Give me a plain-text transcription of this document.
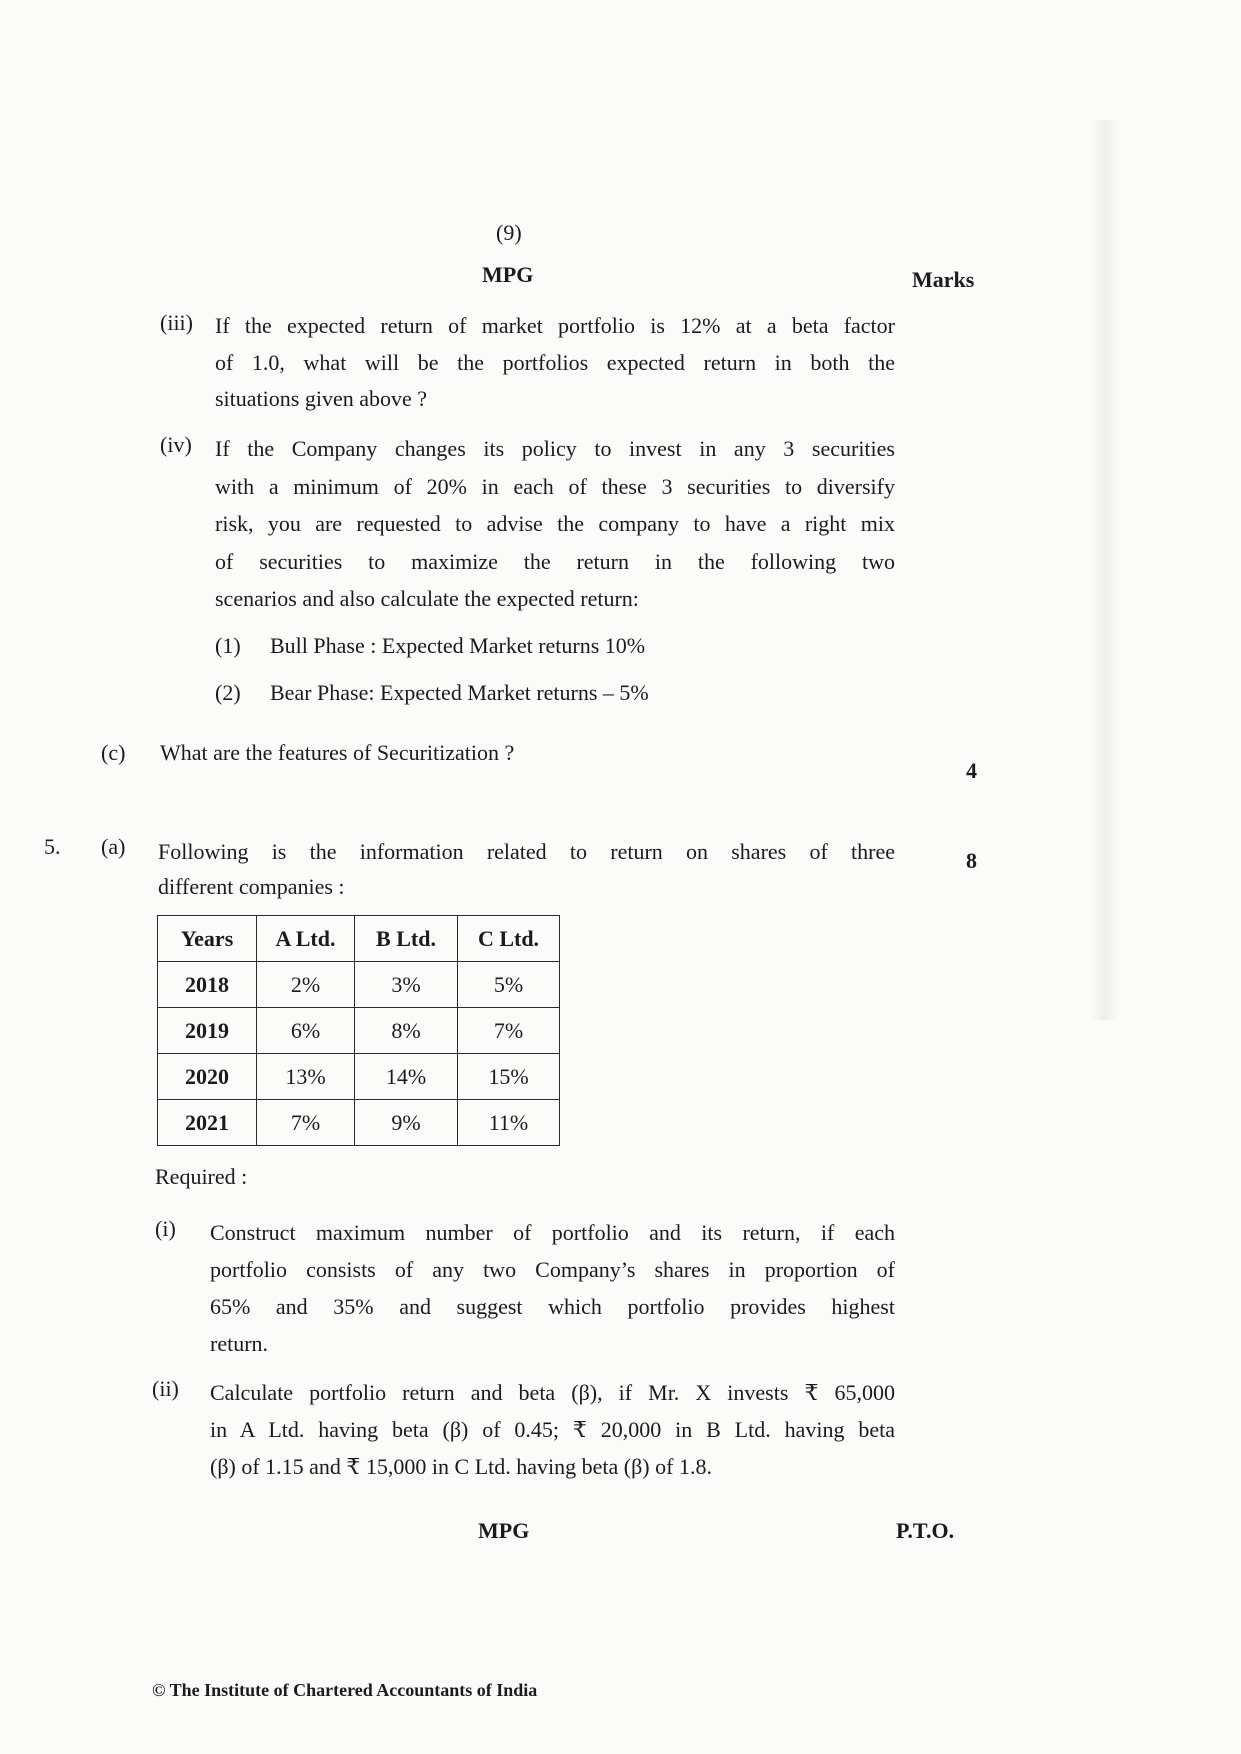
(9)
MPG	Marks
(iii) If the expected return of market portfolio is 12% at a beta factor
of 1.0, what will be the portfolios expected return in both the
situations given above ?
(iv) If the Company changes its policy to invest in any 3 securities
with a minimum of 20% in each of these 3 securities to diversify
risk, you are requested to advise the company to have a right mix
of securities to maximize the return in the following two
scenarios and also calculate the expected return:
(1) Bull Phase : Expected Market returns 10%
(2) Bear Phase: Expected Market returns – 5%
(c) What are the features of Securitization ?
4
5. (a) Following is the information related to return on shares of three
different companies :
8
Years	A Ltd.	B Ltd.	C Ltd.
2018	2%	3%	5%
2019	6%	8%	7%
2020	13%	14%	15%
2021	7%	9%	11%
Required :
(i) Construct maximum number of portfolio and its return, if each
portfolio consists of any two Company’s shares in proportion of
65% and 35% and suggest which portfolio provides highest
return.
(ii) Calculate portfolio return and beta (β), if Mr. X invests ₹ 65,000
in A Ltd. having beta (β) of 0.45; ₹ 20,000 in B Ltd. having beta
(β) of 1.15 and ₹ 15,000 in C Ltd. having beta (β) of 1.8.
MPG	P.T.O.
© The Institute of Chartered Accountants of India
